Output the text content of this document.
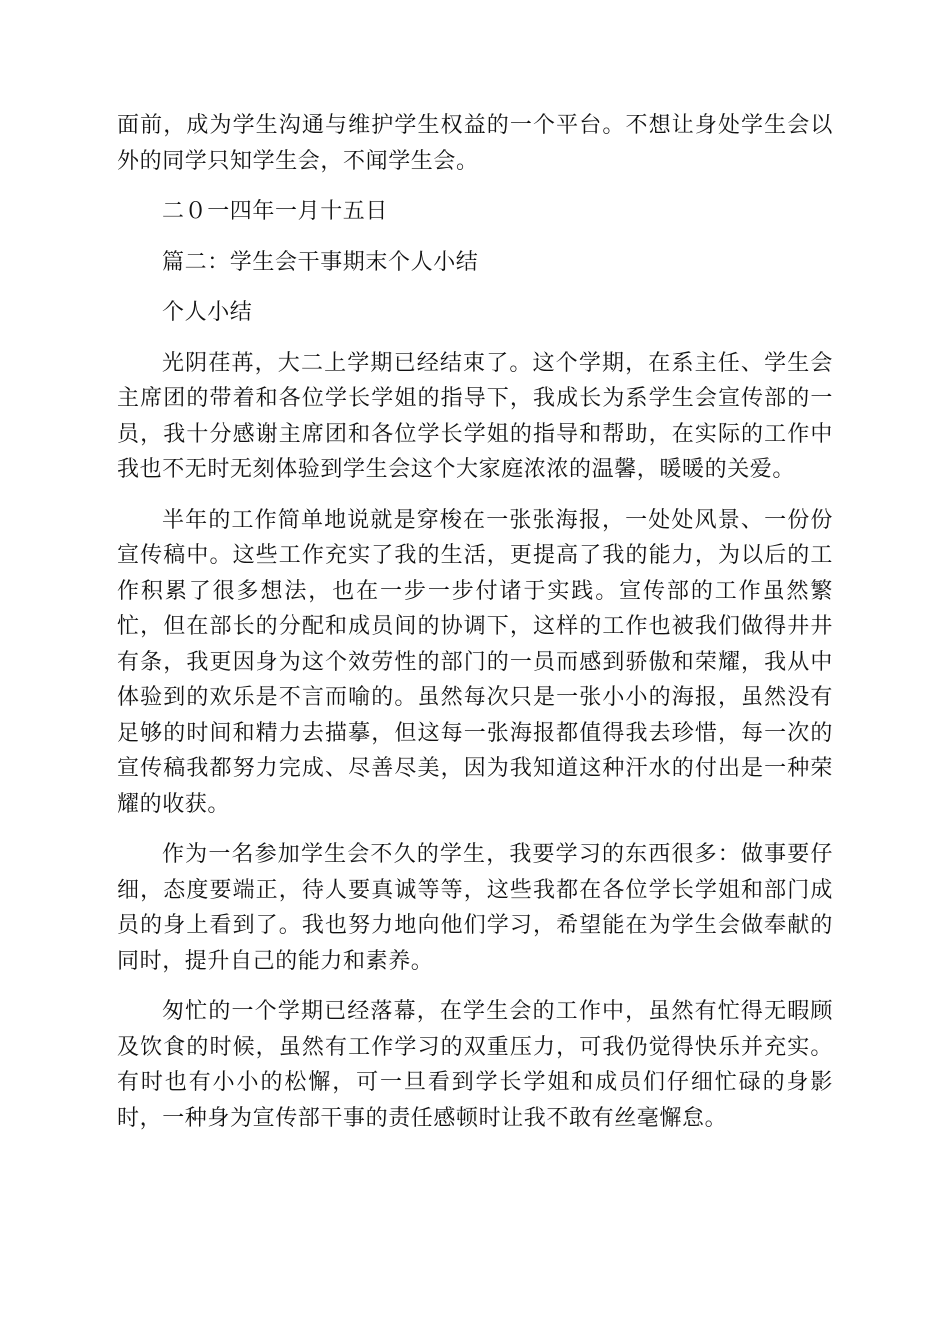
面前，成为学生沟通与维护学生权益的一个平台。不想让身处学生会以外的同学只知学生会，不闻学生会。

二０一四年一月十五日

篇二：学生会干事期末个人小结

个人小结

光阴荏苒，大二上学期已经结束了。这个学期，在系主任、学生会主席团的带着和各位学长学姐的指导下，我成长为系学生会宣传部的一员，我十分感谢主席团和各位学长学姐的指导和帮助，在实际的工作中我也不无时无刻体验到学生会这个大家庭浓浓的温馨，暖暖的关爱。

半年的工作简单地说就是穿梭在一张张海报，一处处风景、一份份宣传稿中。这些工作充实了我的生活，更提高了我的能力，为以后的工作积累了很多想法，也在一步一步付诸于实践。宣传部的工作虽然繁忙，但在部长的分配和成员间的协调下，这样的工作也被我们做得井井有条，我更因身为这个效劳性的部门的一员而感到骄傲和荣耀，我从中体验到的欢乐是不言而喻的。虽然每次只是一张小小的海报，虽然没有足够的时间和精力去描摹，但这每一张海报都值得我去珍惜，每一次的宣传稿我都努力完成、尽善尽美，因为我知道这种汗水的付出是一种荣耀的收获。

作为一名参加学生会不久的学生，我要学习的东西很多：做事要仔细，态度要端正，待人要真诚等等，这些我都在各位学长学姐和部门成员的身上看到了。我也努力地向他们学习，希望能在为学生会做奉献的同时，提升自己的能力和素养。

匆忙的一个学期已经落幕，在学生会的工作中，虽然有忙得无暇顾及饮食的时候，虽然有工作学习的双重压力，可我仍觉得快乐并充实。有时也有小小的松懈，可一旦看到学长学姐和成员们仔细忙碌的身影时，一种身为宣传部干事的责任感顿时让我不敢有丝毫懈怠。
